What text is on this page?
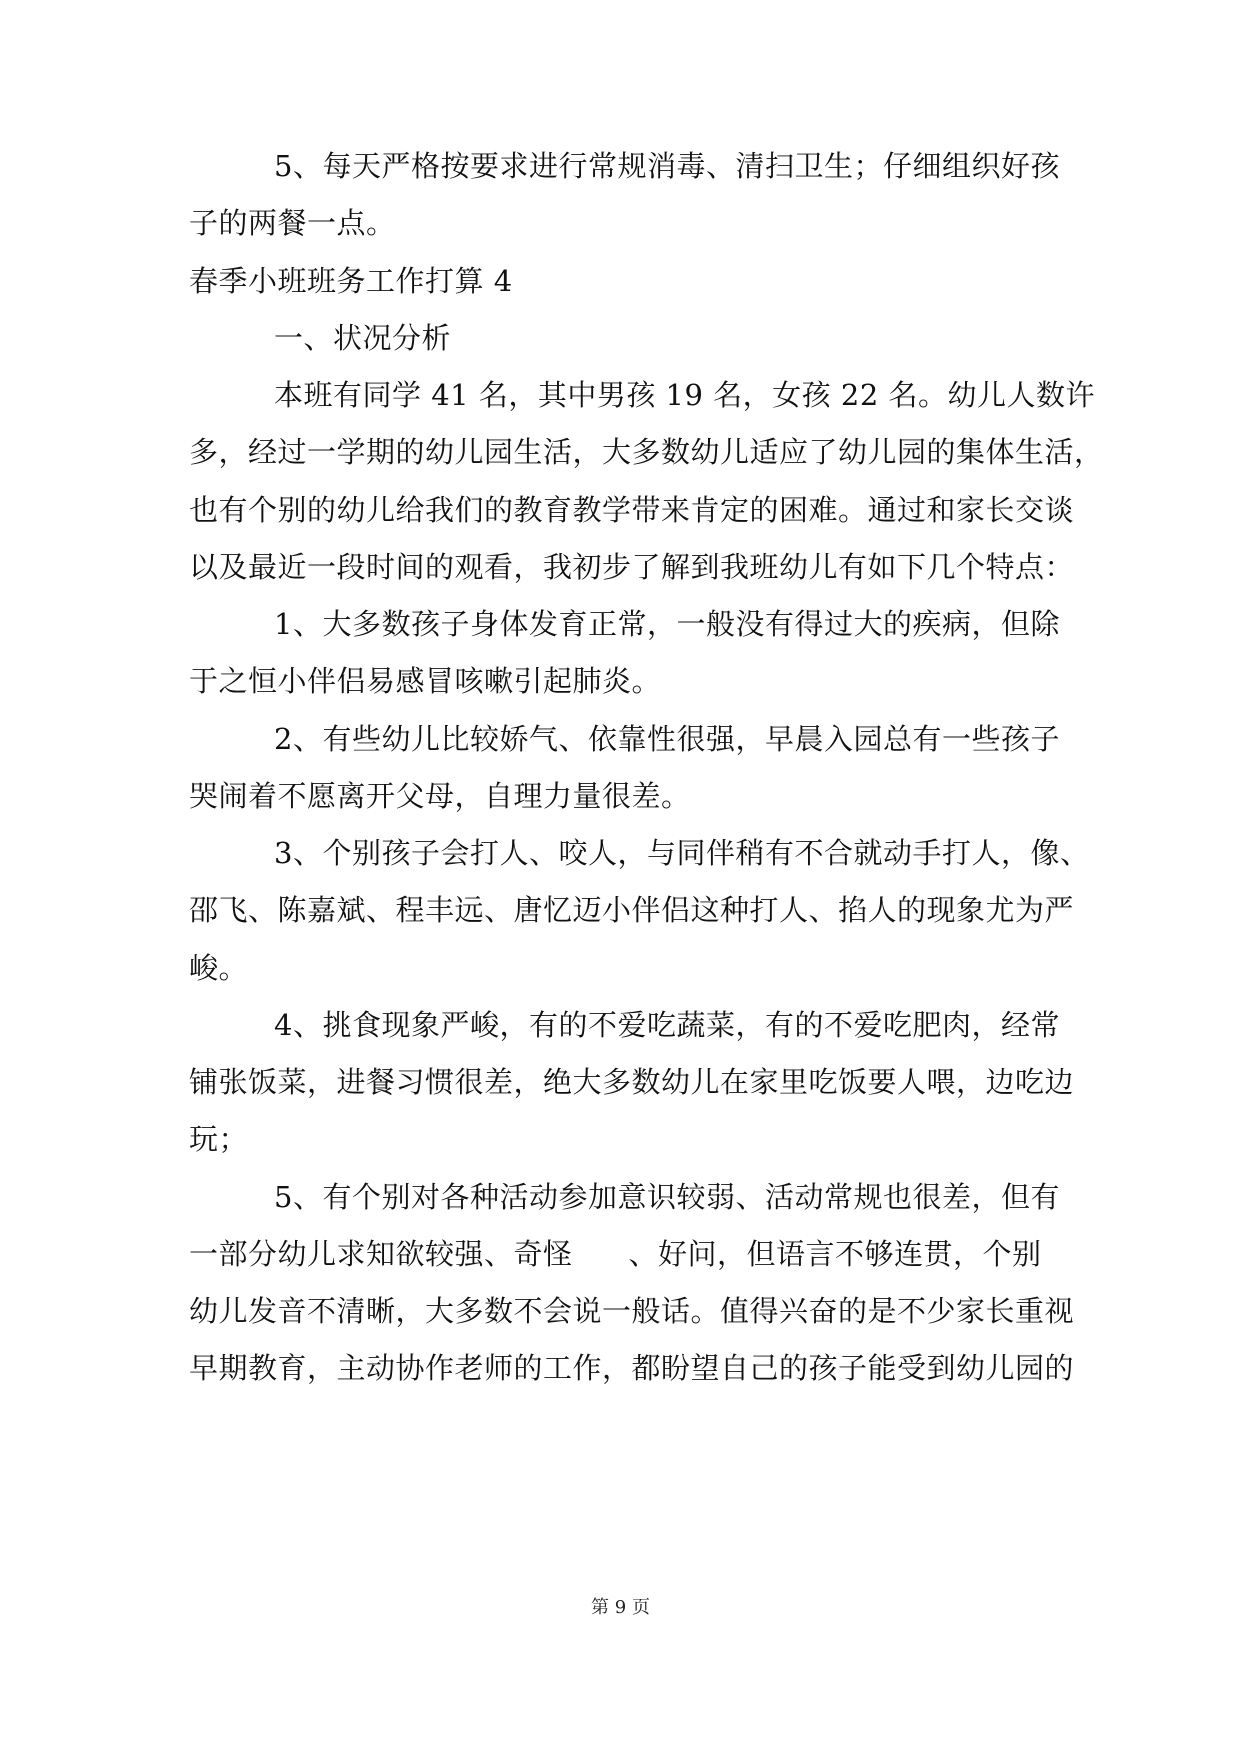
5、每天严格按要求进行常规消毒、清扫卫生；仔细组织好孩
子的两餐一点。
春季小班班务工作打算 4
一、状况分析
本班有同学 41 名，其中男孩 19 名，女孩 22 名。幼儿人数许
多，经过一学期的幼儿园生活，大多数幼儿适应了幼儿园的集体生活，
也有个别的幼儿给我们的教育教学带来肯定的困难。通过和家长交谈
以及最近一段时间的观看，我初步了解到我班幼儿有如下几个特点：
1、大多数孩子身体发育正常，一般没有得过大的疾病，但除
于之恒小伴侣易感冒咳嗽引起肺炎。
2、有些幼儿比较娇气、依靠性很强，早晨入园总有一些孩子
哭闹着不愿离开父母，自理力量很差。
3、个别孩子会打人、咬人，与同伴稍有不合就动手打人，像、
邵飞、陈嘉斌、程丰远、唐忆迈小伴侣这种打人、掐人的现象尤为严
峻。
4、挑食现象严峻，有的不爱吃蔬菜，有的不爱吃肥肉，经常
铺张饭菜，进餐习惯很差，绝大多数幼儿在家里吃饭要人喂，边吃边
玩；
5、有个别对各种活动参加意识较弱、活动常规也很差，但有
一部分幼儿求知欲较强、奇怪 、好问，但语言不够连贯，个别
幼儿发音不清晰，大多数不会说一般话。值得兴奋的是不少家长重视
早期教育，主动协作老师的工作，都盼望自己的孩子能受到幼儿园的
第 9 页
